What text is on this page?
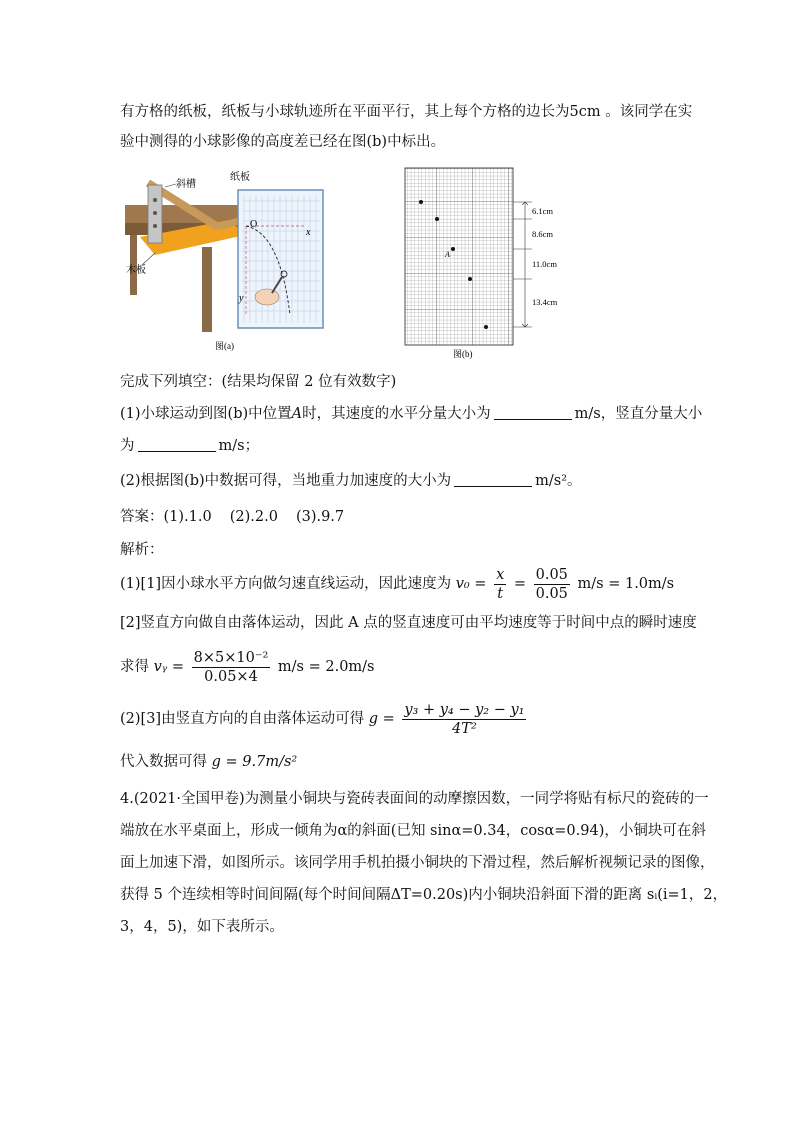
有方格的纸板，纸板与小球轨迹所在平面平行，其上每个方格的边长为5cm 。该同学在实
验中测得的小球影像的高度差已经在图(b)中标出。
斜槽
纸板
木板
O
x
y
图(a)
A
6.1cm
8.6cm
11.0cm
13.4cm
图(b)
完成下列填空：(结果均保留 2 位有效数字)
(1)小球运动到图(b)中位置A时，其速度的水平分量大小为	m/s，竖直分量大小
为	m/s；
(2)根据图(b)中数据可得，当地重力加速度的大小为	m/s²。
答案：(1).1.0 (2).2.0 (3).9.7
解析：
(1)[1]因小球水平方向做匀速直线运动，因此速度为 $v_0 = \frac{x}{t} = \frac{0.05}{0.05} m/s = 1.0m/s$
[2]竖直方向做自由落体运动，因此 A 点的竖直速度可由平均速度等于时间中点的瞬时速度
求得 vᵧ = $\frac{\text{8×5×10⁻²}}{0.05\times 4} m/s = 2.0m/s$
(2)[3]由竖直方向的自由落体运动可得 $g = \frac{\text{y₃ + y₄ − y₂ − y₁}}{\text{4T²}}$
代入数据可得 g = 9.7m/s²
4.(2021·全国甲卷)为测量小铜块与瓷砖表面间的动摩擦因数，一同学将贴有标尺的瓷砖的一
端放在水平桌面上，形成一倾角为α的斜面(已知 sinα=0.34，cosα=0.94)，小铜块可在斜
面上加速下滑，如图所示。该同学用手机拍摄小铜块的下滑过程，然后解析视频记录的图像，
获得 5 个连续相等时间间隔(每个时间间隔ΔT=0.20s)内小铜块沿斜面下滑的距离 sᵢ(i=1，2，
3，4，5)，如下表所示。
